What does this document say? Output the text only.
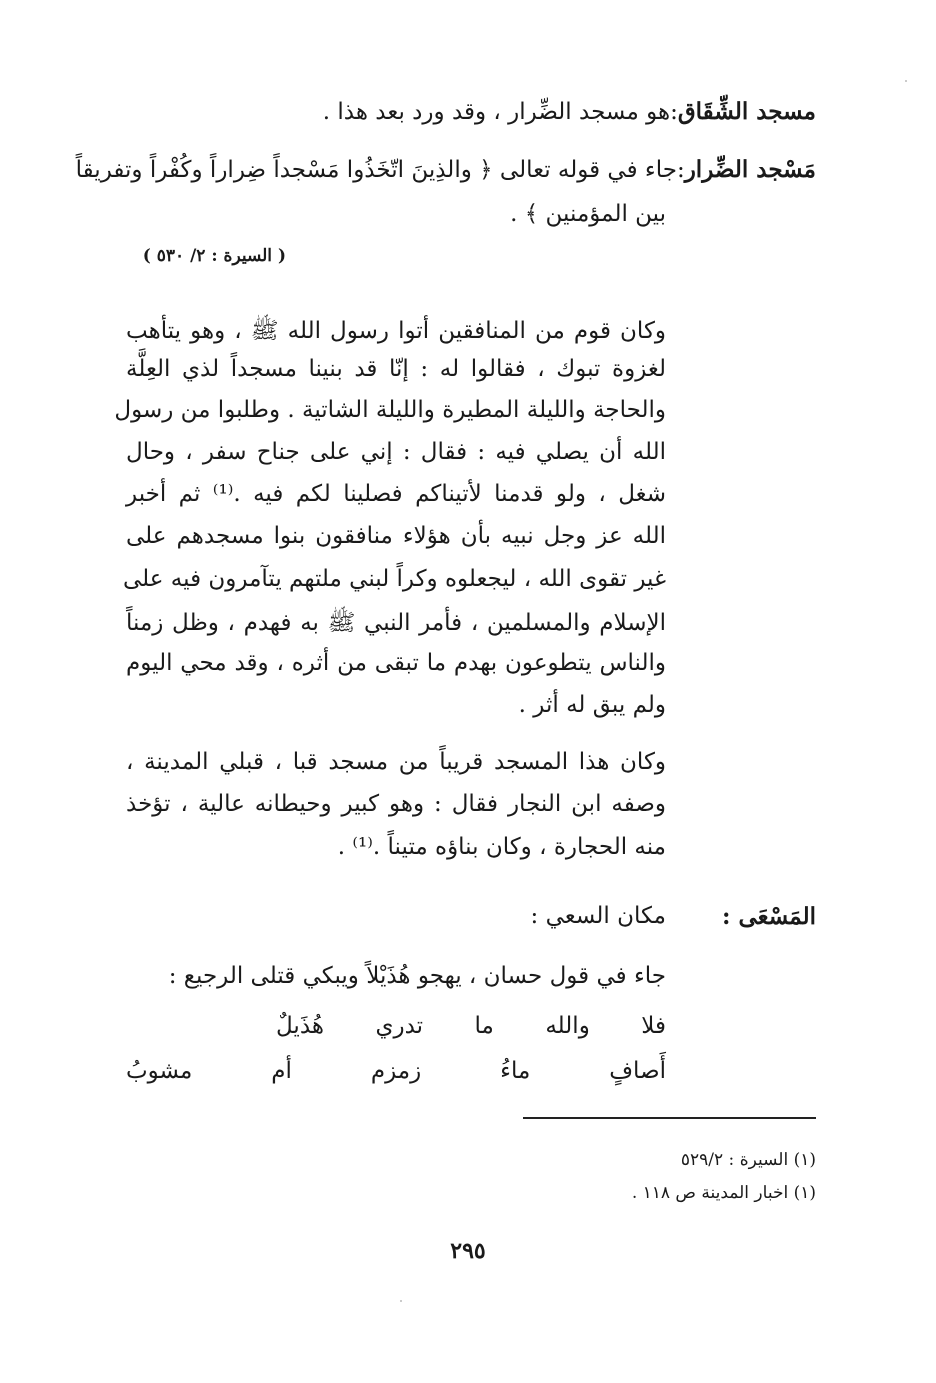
مسجد الشِّقَاق:هو مسجد الضِّرار ، وقد ورد بعد هذا .
مَسْجد الضِّرار:جاء في قوله تعالى ﴿ والذِينَ اتّخَذُوا مَسْجداً ضِراراً وكُفْراً وتفريقاً
بين المؤمنين ﴾ .
( السيرة : ٢/ ٥٣٠ )
وكان قوم من المنافقين أتوا رسول الله ﷺ ، وهو يتأهب
لغزوة تبوك ، فقالوا له : إنّا قد بنينا مسجداً لذي العِلَّة
والحاجة والليلة المطيرة والليلة الشاتية . وطلبوا من رسول
الله أن يصلي فيه : فقال : إني على جناح سفر ، وحال
شغل ، ولو قدمنا لأتيناكم فصلينا لكم فيه .⁽¹⁾ ثم أخبر
الله عز وجل نبيه بأن هؤلاء منافقون بنوا مسجدهم على
غير تقوى الله ، ليجعلوه وكراً لبني ملتهم يتآمرون فيه على
الإسلام والمسلمين ، فأمر النبي ﷺ به فهدم ، وظل زمناً
والناس يتطوعون بهدم ما تبقى من أثره ، وقد محي اليوم
ولم يبق له أثر .
وكان هذا المسجد قريباً من مسجد قبا ، قبلي المدينة ،
وصفه ابن النجار فقال : وهو كبير وحيطانه عالية ، تؤخذ
منه الحجارة ، وكان بناؤه متيناً .⁽¹⁾ .
المَسْعَى :
مكان السعي :
جاء في قول حسان ، يهجو هُذَيْلاً ويبكي قتلى الرجيع :
فلا والله ما تدري هُذَيلٌ
أَصافٍ ماءُ زمزم أم مشوبُ
(١) السيرة : ٥٢٩/٢
(١) اخبار المدينة ص ١١٨ .
٢٩٥
